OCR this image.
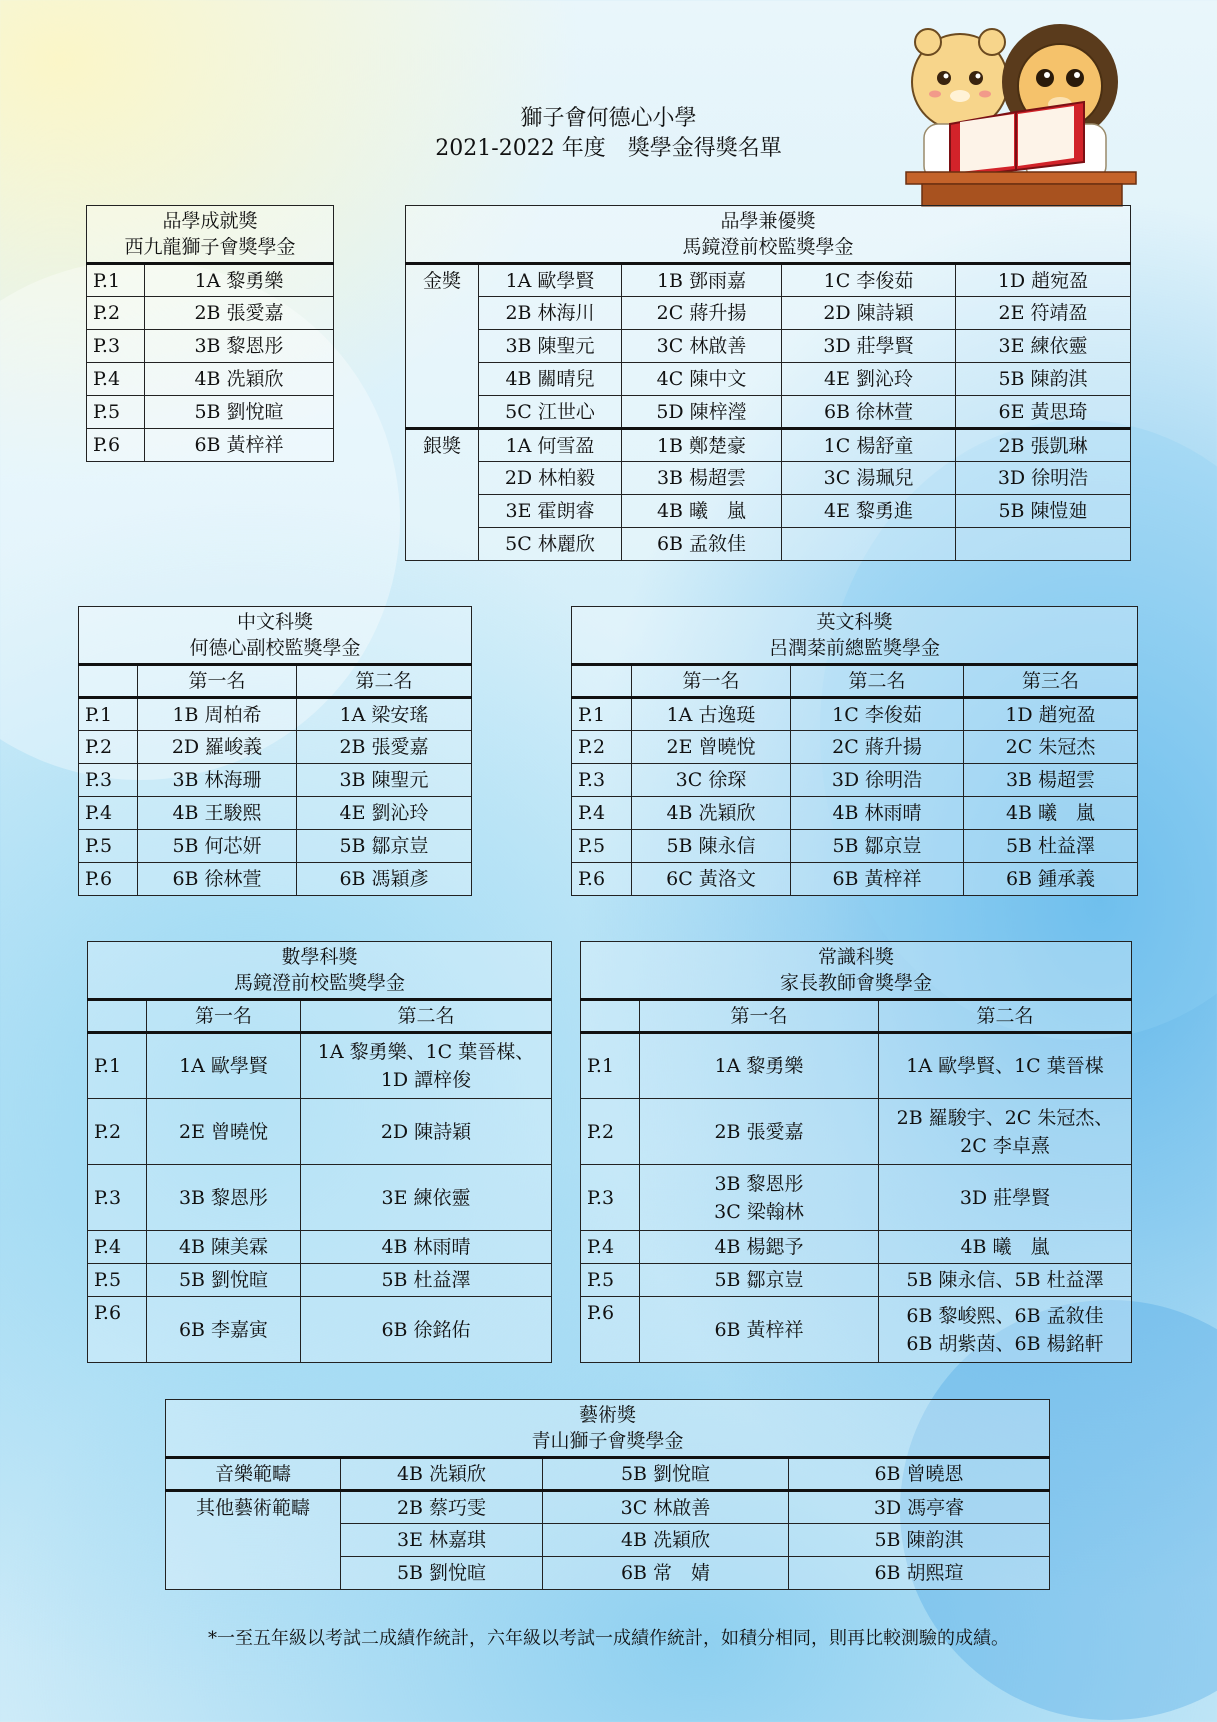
獅子會何德心小學
2021-2022 年度　獎學金得獎名單
品學成就獎
西九龍獅子會獎學金	

P.1	1A 黎勇樂
P.2	2B 張愛嘉
P.3	3B 黎恩彤
P.4	4B 冼穎欣
P.5	5B 劉悅暄
P.6	6B 黃梓祥
品學兼優獎
馬鏡澄前校監獎學金				

金獎	1A 歐學賢	1B 鄧雨嘉	1C 李俊茹	1D 趙宛盈
	2B 林海川	2C 蔣升揚	2D 陳詩穎	2E 符靖盈
	3B 陳聖元	3C 林啟善	3D 莊學賢	3E 練依靈
	4B 關晴兒	4C 陳中文	4E 劉沁玲	5B 陳韵淇
	5C 江世心	5D 陳梓瀅	6B 徐林萱	6E 黃思琦
銀獎	1A 何雪盈	1B 鄭楚豪	1C 楊舒童	2B 張凱琳
	2D 林柏毅	3B 楊超雲	3C 湯珮兒	3D 徐明浩
	3E 霍朗睿	4B 曦　嵐	4E 黎勇進	5B 陳愷廸
	5C 林麗欣	6B 孟敘佳		
中文科獎
何德心副校監獎學金		

	第一名	第二名
P.1	1B 周柏希	1A 梁安瑤
P.2	2D 羅峻義	2B 張愛嘉
P.3	3B 林海珊	3B 陳聖元
P.4	4B 王駿熙	4E 劉沁玲
P.5	5B 何芯妍	5B 鄒京豈
P.6	6B 徐林萱	6B 馮穎彥
英文科獎
呂潤棻前總監獎學金			

	第一名	第二名	第三名
P.1	1A 古逸珽	1C 李俊茹	1D 趙宛盈
P.2	2E 曾曉悅	2C 蔣升揚	2C 朱冠杰
P.3	3C 徐琛	3D 徐明浩	3B 楊超雲
P.4	4B 冼穎欣	4B 林雨晴	4B 曦　嵐
P.5	5B 陳永信	5B 鄒京豈	5B 杜益澤
P.6	6C 黃洛文	6B 黃梓祥	6B 鍾承義
數學科獎
馬鏡澄前校監獎學金		

	第一名	第二名
P.1	1A 歐學賢	1A 黎勇樂、1C 葉晉楳、
1D 譚梓俊

P.2	2E 曾曉悅	2D 陳詩穎

P.3	3B 黎恩彤	3E 練依靈

P.4	4B 陳美霖	4B 林雨晴

P.5	5B 劉悅暄	5B 杜益澤

P.6	6B 李嘉寅	6B 徐銘佑
常識科獎
家長教師會獎學金		

	第一名	第二名
P.1	1A 黎勇樂	1A 歐學賢、1C 葉晉楳

P.2	2B 張愛嘉	2B 羅駿宇、2C 朱冠杰、
2C 李卓熹

P.3	3B 黎恩彤
3C 梁翰林	3D 莊學賢

P.4	4B 楊鍶予	4B 曦　嵐

P.5	5B 鄒京豈	5B 陳永信、5B 杜益澤

P.6	6B 黃梓祥	6B 黎峻熙、6B 孟敘佳
6B 胡紫茵、6B 楊銘軒
藝術獎
青山獅子會獎學金			

音樂範疇	4B 冼穎欣	5B 劉悅暄	6B 曾曉恩
其他藝術範疇	2B 蔡巧雯	3C 林啟善	3D 馮亭睿
	3E 林嘉琪	4B 冼穎欣	5B 陳韵淇
	5B 劉悅暄	6B 常　婧	6B 胡熙瑄
*一至五年級以考試二成績作統計，六年級以考試一成績作統計，如積分相同，則再比較測驗的成績。
